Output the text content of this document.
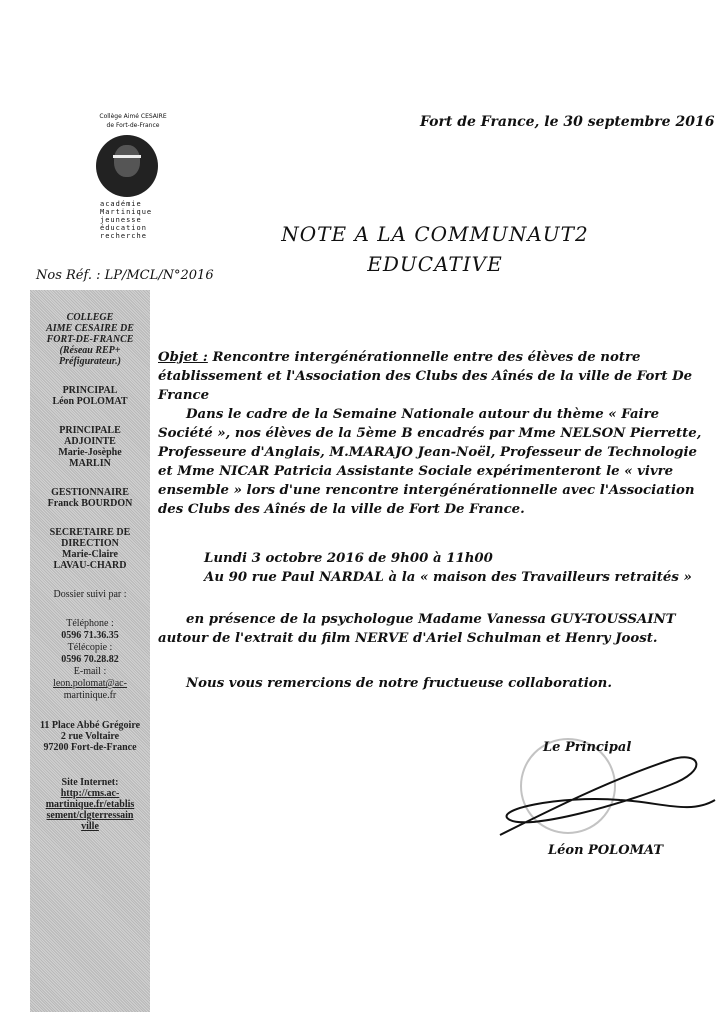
Collège Aimé CESAIRE
de Fort-de-France
académie
Martinique
jeunesse
éducation
recherche
Fort de France, le 30 septembre 2016
NOTE A LA COMMUNAUT2
EDUCATIVE
Nos Réf. : LP/MCL/N°2016
COLLEGE
AIME CESAIRE DE
FORT-DE-FRANCE
(Réseau REP+
Préfigurateur.)
PRINCIPAL
Léon POLOMAT
PRINCIPALE
ADJOINTE
Marie-Josèphe
MARLIN
GESTIONNAIRE
Franck BOURDON
SECRETAIRE DE
DIRECTION
Marie-Claire
LAVAU-CHARD
Dossier suivi par :
Téléphone :
0596 71.36.35
Télécopie :
0596 70.28.82
E-mail :
leon.polomat@ac-
martinique.fr
11 Place Abbé Grégoire
2 rue Voltaire
97200 Fort-de-France
Site Internet:
http://cms.ac-
martinique.fr/etablis
sement/clgterressain
ville
Objet : Rencontre intergénérationnelle entre des élèves de notre établissement et l'Association des Clubs des Aînés de la ville de Fort De France
Dans le cadre de la Semaine Nationale autour du thème « Faire Société », nos élèves de la 5ème B encadrés par Mme NELSON Pierrette, Professeure d'Anglais, M.MARAJO Jean-Noël, Professeur de Technologie et Mme NICAR Patricia Assistante Sociale expérimenteront le « vivre ensemble » lors d'une rencontre intergénérationnelle avec l'Association des Clubs des Aînés de la ville de Fort De France.
Lundi 3 octobre 2016 de 9h00 à 11h00
Au 90 rue Paul NARDAL à la « maison des Travailleurs retraités »
en présence de la psychologue Madame Vanessa GUY-TOUSSAINT autour de l'extrait du film NERVE d'Ariel Schulman et Henry Joost.
Nous vous remercions de notre fructueuse collaboration.
Le Principal
Léon POLOMAT
